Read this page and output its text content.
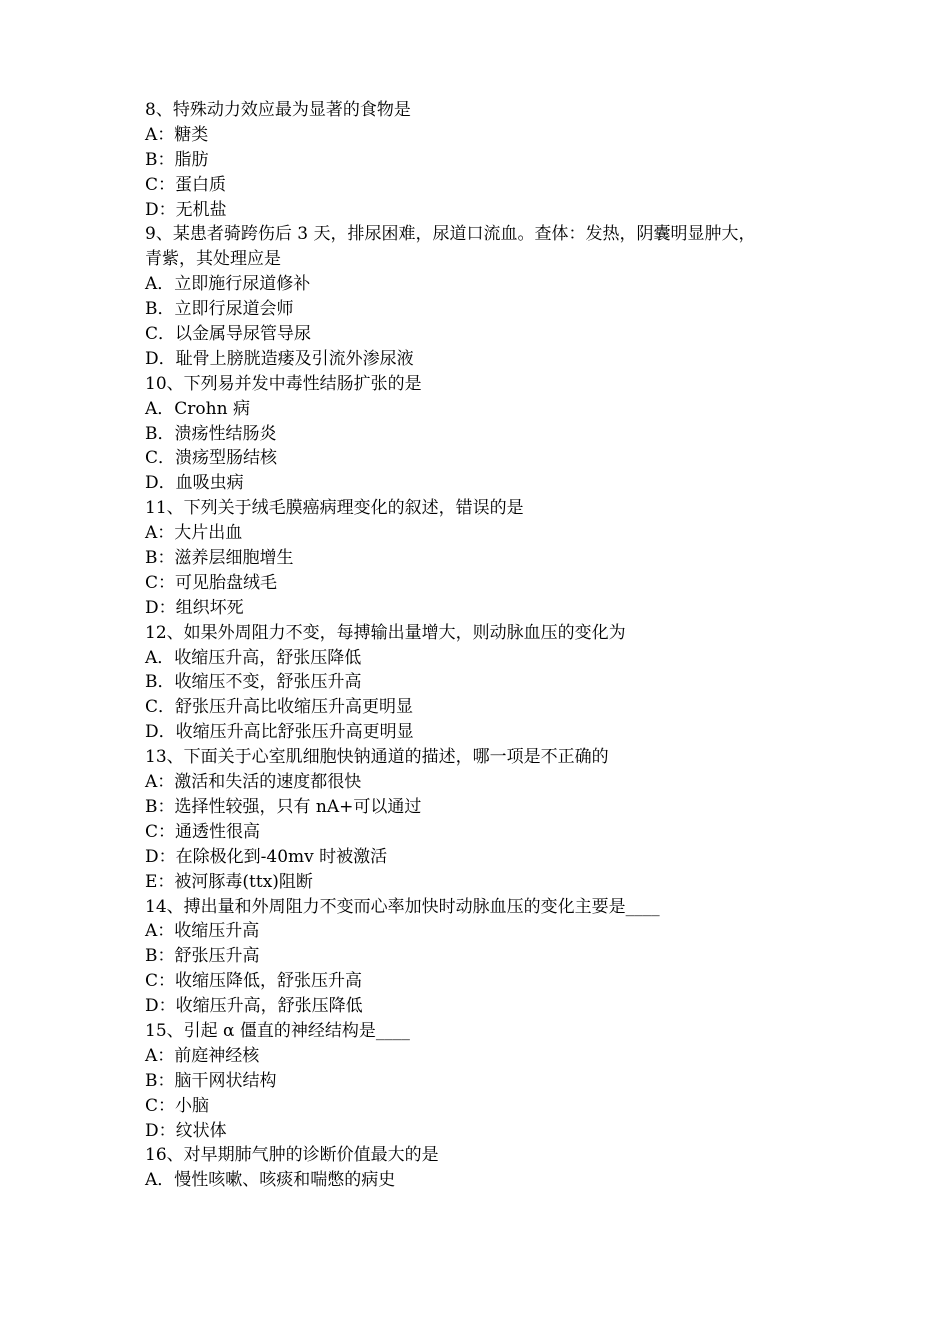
8、特殊动力效应最为显著的食物是
A：糖类
B：脂肪
C：蛋白质
D：无机盐
9、某患者骑跨伤后 3 天，排尿困难，尿道口流血。查体：发热，阴囊明显肿大，
青紫，其处理应是
A．立即施行尿道修补
B．立即行尿道会师
C．以金属导尿管导尿
D．耻骨上膀胱造瘘及引流外渗尿液
10、下列易并发中毒性结肠扩张的是
A．Crohn 病
B．溃疡性结肠炎
C．溃疡型肠结核
D．血吸虫病
11、下列关于绒毛膜癌病理变化的叙述，错误的是
A：大片出血
B：滋养层细胞增生
C：可见胎盘绒毛
D：组织坏死
12、如果外周阻力不变，每搏输出量增大，则动脉血压的变化为
A．收缩压升高，舒张压降低
B．收缩压不变，舒张压升高
C．舒张压升高比收缩压升高更明显
D．收缩压升高比舒张压升高更明显
13、下面关于心室肌细胞快钠通道的描述，哪一项是不正确的
A：激活和失活的速度都很快
B：选择性较强，只有 nA+可以通过
C：通透性很高
D：在除极化到-40mv 时被激活
E：被河豚毒(ttx)阻断
14、搏出量和外周阻力不变而心率加快时动脉血压的变化主要是____
A：收缩压升高
B：舒张压升高
C：收缩压降低，舒张压升高
D：收缩压升高，舒张压降低
15、引起 α 僵直的神经结构是____
A：前庭神经核
B：脑干网状结构
C：小脑
D：纹状体
16、对早期肺气肿的诊断价值最大的是
A．慢性咳嗽、咳痰和喘憋的病史
